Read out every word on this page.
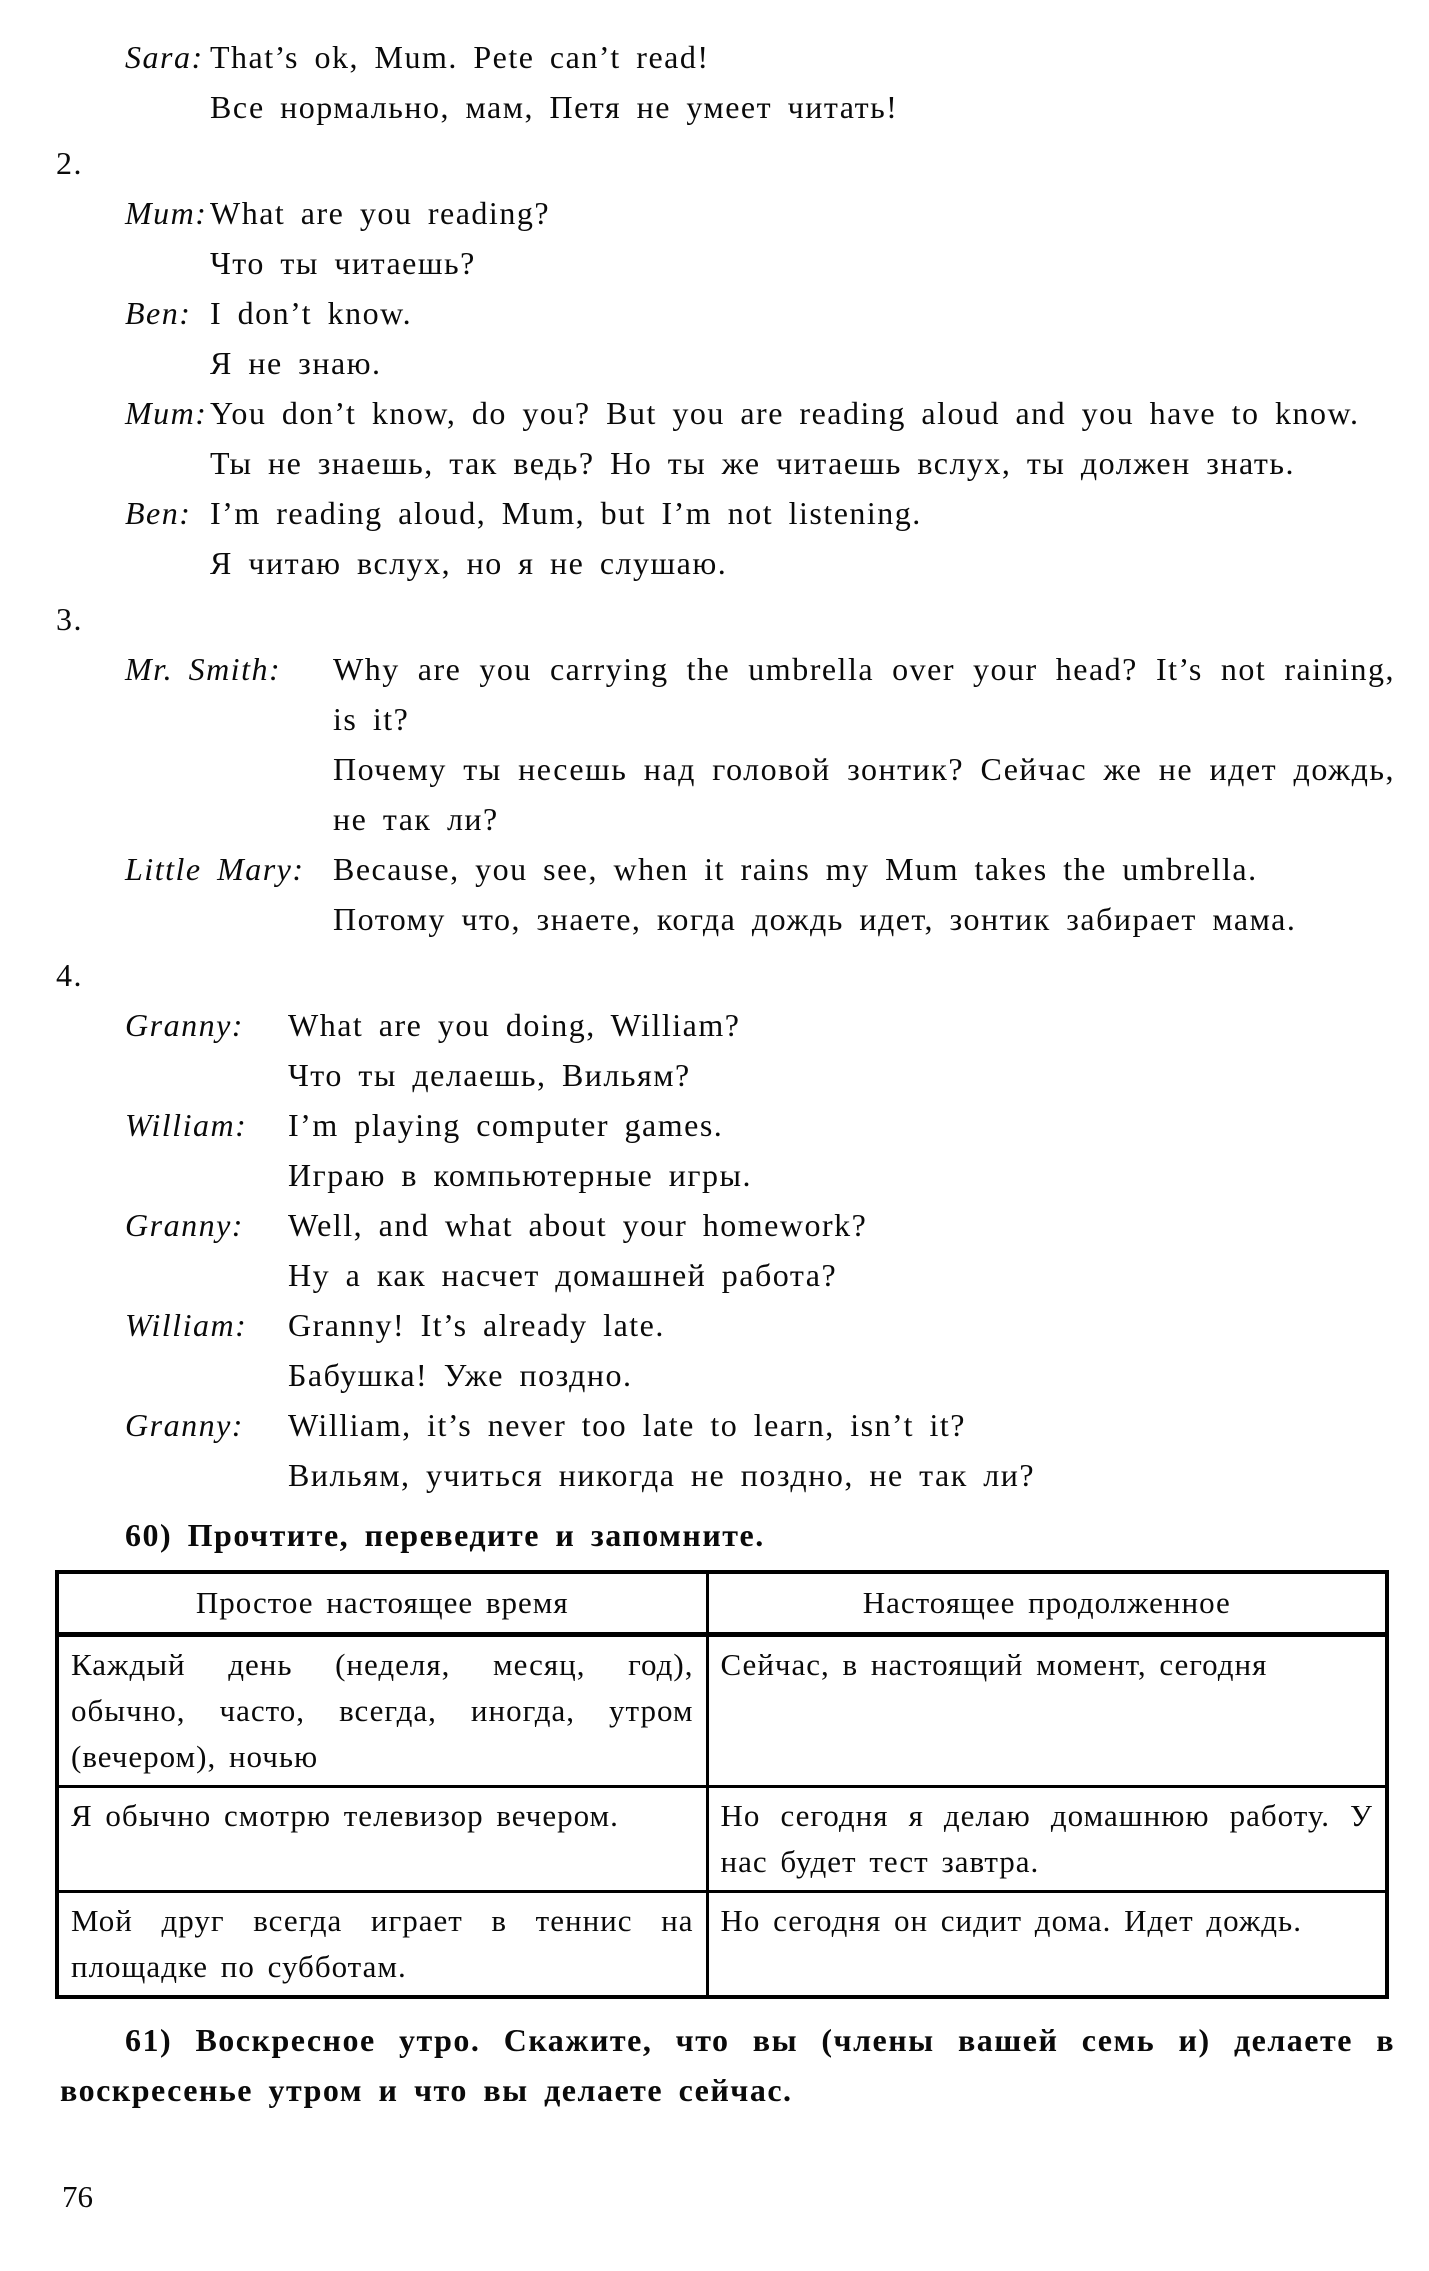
Sara: That’s ok, Mum. Pete can’t read!
Все нормально, мам, Петя не умеет читать!
2.
Mum: What are you reading?
Что ты читаешь?
Ben: I don’t know.
Я не знаю.
Mum: You don’t know, do you? But you are reading aloud and you have to know.
Ты не знаешь, так ведь? Но ты же читаешь вслух, ты должен знать.
Ben: I’m reading aloud, Mum, but I’m not listening.
Я читаю вслух, но я не слушаю.
3.
Mr. Smith:	Why are you carrying the umbrella over your head? It’s not raining, is it?
Почему ты несешь над головой зонтик? Сейчас же не идет дождь, не так ли?
Little Mary: Because, you see, when it rains my Mum takes the umbrella.
Потому что, знаете, когда дождь идет, зонтик забирает мама.
4.
Granny:	What are you doing, William?
Что ты делаешь, Вильям?
William:	I’m playing computer games.
Играю в компьютерные игры.
Granny:	Well, and what about your homework?
Ну а как насчет домашней работа?
William:	Granny! It’s already late.
Бабушка! Уже поздно.
Granny:	William, it’s never too late to learn, isn’t it?
Вильям, учиться никогда не поздно, не так ли?
60) Прочтите, переведите и запомните.
Простое настоящее время	Настоящее продолженное
Каждый день (неделя, месяц, год), обычно, часто, всегда, иногда, утром (вечером), ночью	Сейчас, в настоящий момент, сегодня
Я обычно смотрю телевизор вечером.	Но сегодня я делаю домашнюю работу. У нас будет тест завтра.
Мой друг всегда играет в теннис на площадке по субботам.	Но сегодня он сидит дома. Идет дождь.
61) Воскресное утро. Скажите, что вы (члены вашей семь и) делаете в воскресенье утром и что вы делаете сейчас.
76
